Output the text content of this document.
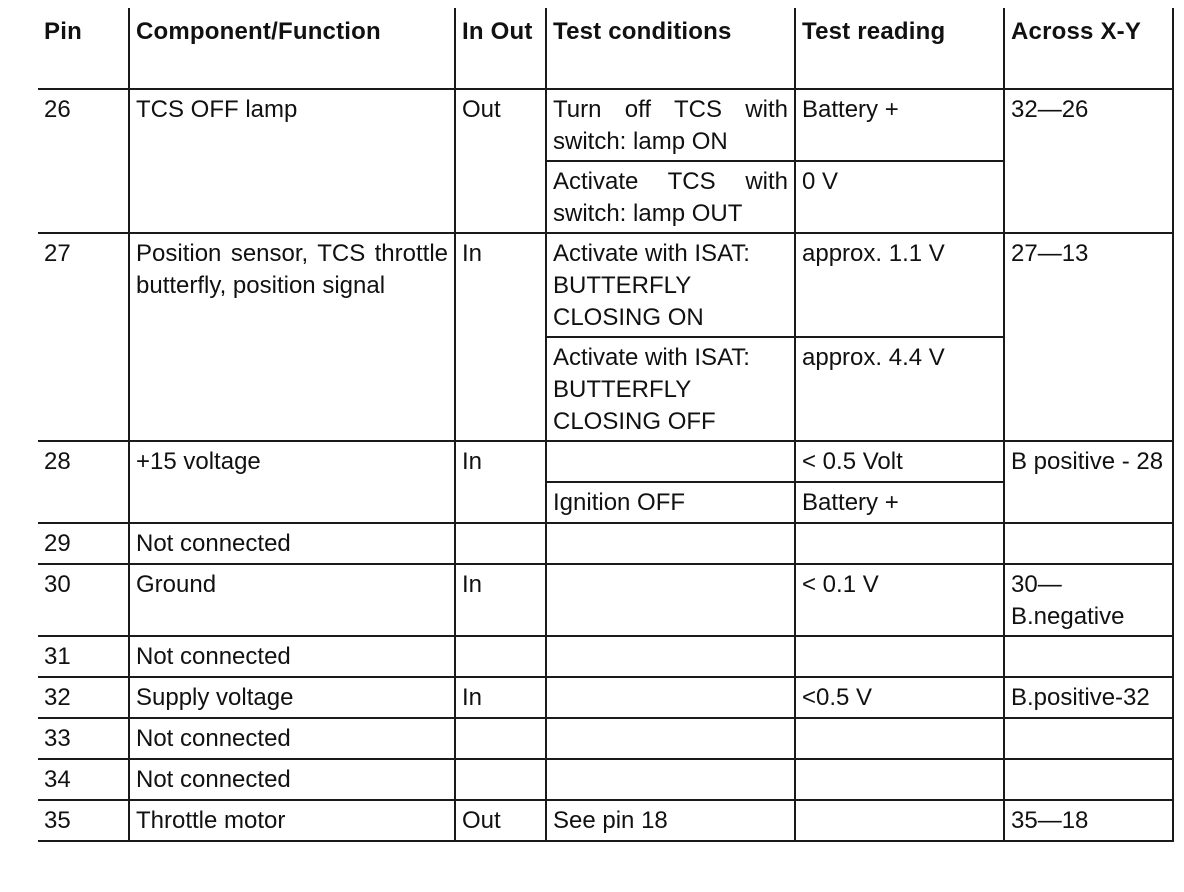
Pin	Component/Function	In Out	Test conditions	Test reading	Across X-Y
26	TCS OFF lamp	Out	Turn off TCS with switch: lamp ON	Battery +	32—26
			Activate TCS with switch: lamp OUT	0 V	
27	Position sensor, TCS throttle butterfly, position signal	In	Activate with ISAT: BUTTERFLY CLOSING ON	approx. 1.1 V	27—13
			Activate with ISAT: BUTTERFLY CLOSING OFF	approx. 4.4 V	
28	+15 voltage	In		< 0.5 Volt	B positive - 28
			Ignition OFF	Battery +	
29	Not connected				
30	Ground	In		< 0.1 V	30— B.negative
31	Not connected				
32	Supply voltage	In		<0.5 V	B.positive-32
33	Not connected				
34	Not connected				
35	Throttle motor	Out	See pin 18		35—18
